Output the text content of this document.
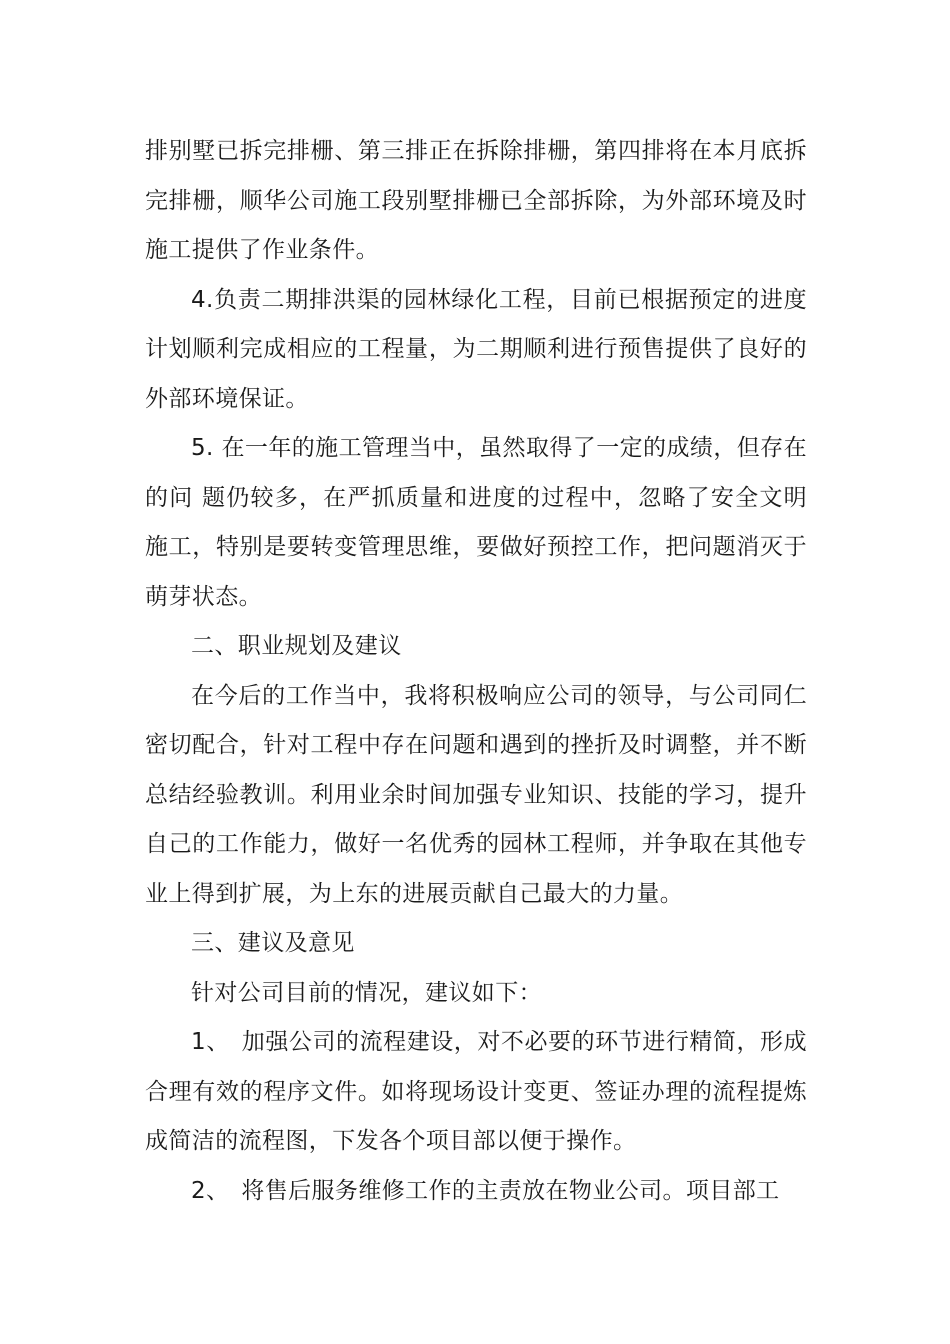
排别墅已拆完排栅、第三排正在拆除排栅，第四排将在本月底拆完排栅，顺华公司施工段别墅排栅已全部拆除，为外部环境及时施工提供了作业条件。

4.负责二期排洪渠的园林绿化工程，目前已根据预定的进度计划顺利完成相应的工程量，为二期顺利进行预售提供了良好的外部环境保证。

5. 在一年的施工管理当中，虽然取得了一定的成绩，但存在的问 题仍较多，在严抓质量和进度的过程中，忽略了安全文明施工，特别是要转变管理思维，要做好预控工作，把问题消灭于萌芽状态。

二、职业规划及建议

在今后的工作当中，我将积极响应公司的领导，与公司同仁密切配合，针对工程中存在问题和遇到的挫折及时调整，并不断总结经验教训。利用业余时间加强专业知识、技能的学习，提升自己的工作能力，做好一名优秀的园林工程师，并争取在其他专业上得到扩展，为上东的进展贡献自己最大的力量。

三、建议及意见

针对公司目前的情况，建议如下：

1、　加强公司的流程建设，对不必要的环节进行精简，形成合理有效的程序文件。如将现场设计变更、签证办理的流程提炼成简洁的流程图，下发各个项目部以便于操作。

2、　将售后服务维修工作的主责放在物业公司。项目部工
